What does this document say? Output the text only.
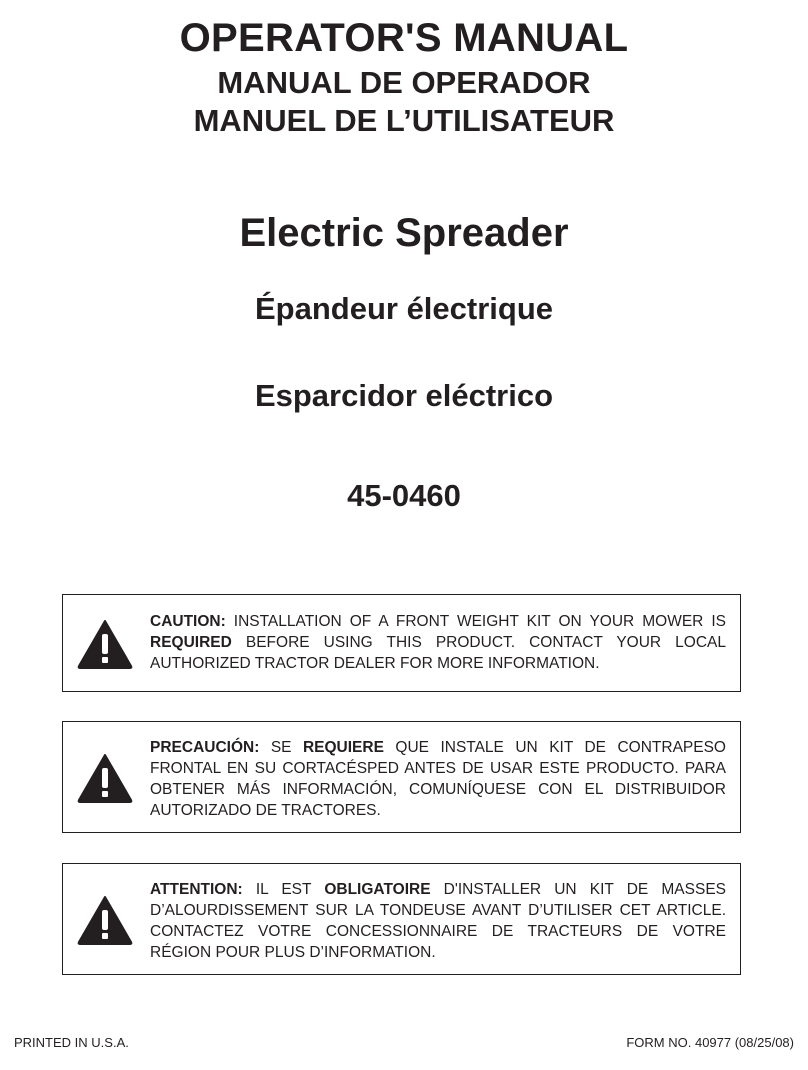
OPERATOR'S MANUAL
MANUAL DE OPERADOR
MANUEL DE L’UTILISATEUR
Electric Spreader
Épandeur électrique
Esparcidor eléctrico
45-0460
CAUTION: INSTALLATION OF A FRONT WEIGHT KIT ON YOUR MOWER IS REQUIRED BEFORE USING THIS PRODUCT. CONTACT YOUR LOCAL AUTHORIZED TRACTOR DEALER FOR MORE INFORMATION.
PRECAUCIÓN: SE REQUIERE QUE INSTALE UN KIT DE CONTRAPESO FRONTAL EN SU CORTACÉSPED ANTES DE USAR ESTE PRODUCTO. PARA OBTENER MÁS INFORMACIÓN, COMUNÍQUESE CON EL DISTRIBUIDOR AUTORIZADO DE TRACTORES.
ATTENTION: IL EST OBLIGATOIRE D'INSTALLER UN KIT DE MASSES D’ALOURDISSEMENT SUR LA TONDEUSE AVANT D’UTILISER CET ARTICLE. CONTACTEZ VOTRE CONCESSIONNAIRE DE TRACTEURS DE VOTRE RÉGION POUR PLUS D’INFORMATION.
PRINTED IN U.S.A.	FORM NO. 40977 (08/25/08)
